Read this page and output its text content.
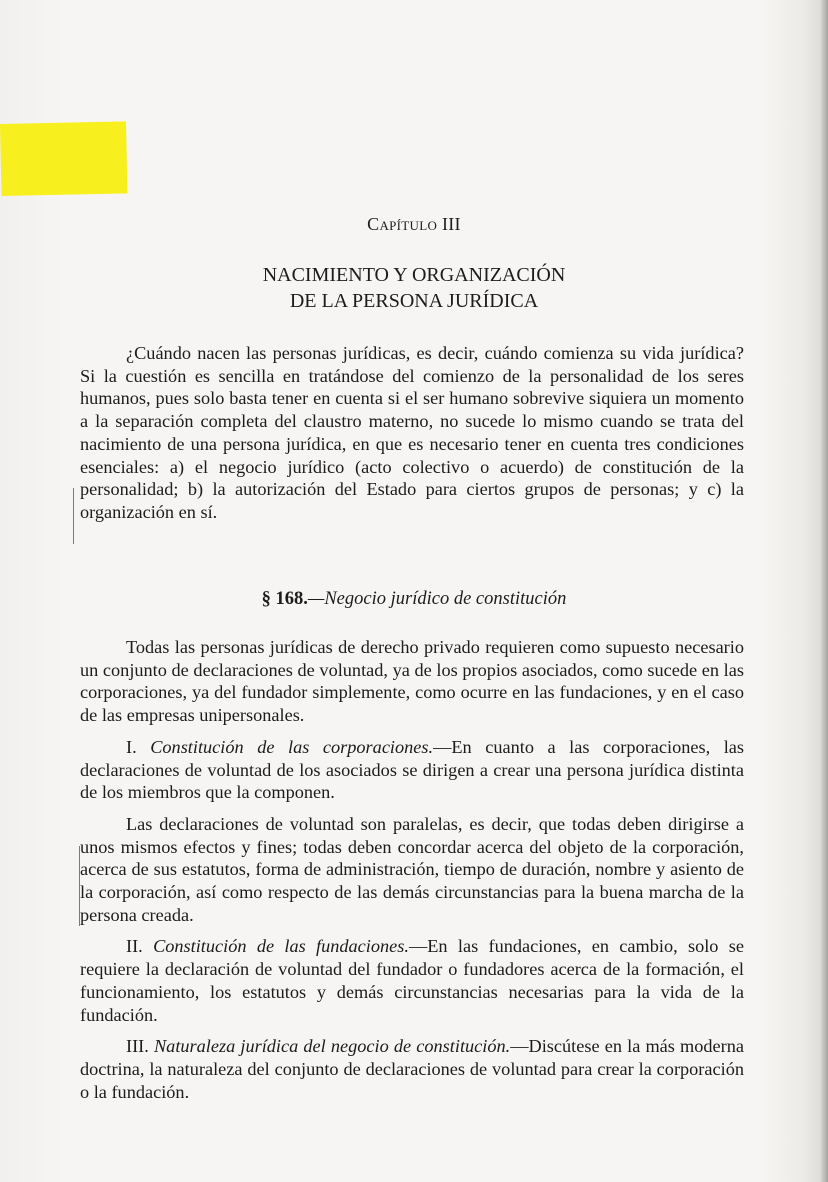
Capítulo III
NACIMIENTO Y ORGANIZACIÓN
DE LA PERSONA JURÍDICA

¿Cuándo nacen las personas jurídicas, es decir, cuándo comienza su vida jurídica? Si la cuestión es sencilla en tratándose del comienzo de la personalidad de los seres humanos, pues solo basta tener en cuenta si el ser humano sobrevive siquiera un momento a la separación completa del claustro materno, no sucede lo mismo cuando se trata del nacimiento de una persona jurídica, en que es necesario tener en cuenta tres condiciones esenciales: a) el negocio jurídico (acto colectivo o acuerdo) de constitución de la personalidad; b) la autorización del Estado para ciertos grupos de personas; y c) la organización en sí.

§ 168.—Negocio jurídico de constitución

Todas las personas jurídicas de derecho privado requieren como supuesto necesario un conjunto de declaraciones de voluntad, ya de los propios asociados, como sucede en las corporaciones, ya del fundador simplemente, como ocurre en las fundaciones, y en el caso de las empresas unipersonales.

I. Constitución de las corporaciones.—En cuanto a las corporaciones, las declaraciones de voluntad de los asociados se dirigen a crear una persona jurídica distinta de los miembros que la componen.

Las declaraciones de voluntad son paralelas, es decir, que todas deben dirigirse a unos mismos efectos y fines; todas deben concordar acerca del objeto de la corporación, acerca de sus estatutos, forma de administración, tiempo de duración, nombre y asiento de la corporación, así como respecto de las demás circunstancias para la buena marcha de la persona creada.

II. Constitución de las fundaciones.—En las fundaciones, en cambio, solo se requiere la declaración de voluntad del fundador o fundadores acerca de la formación, el funcionamiento, los estatutos y demás circunstancias necesarias para la vida de la fundación.

III. Naturaleza jurídica del negocio de constitución.—Discútese en la más moderna doctrina, la naturaleza del conjunto de declaraciones de voluntad para crear la corporación o la fundación.
